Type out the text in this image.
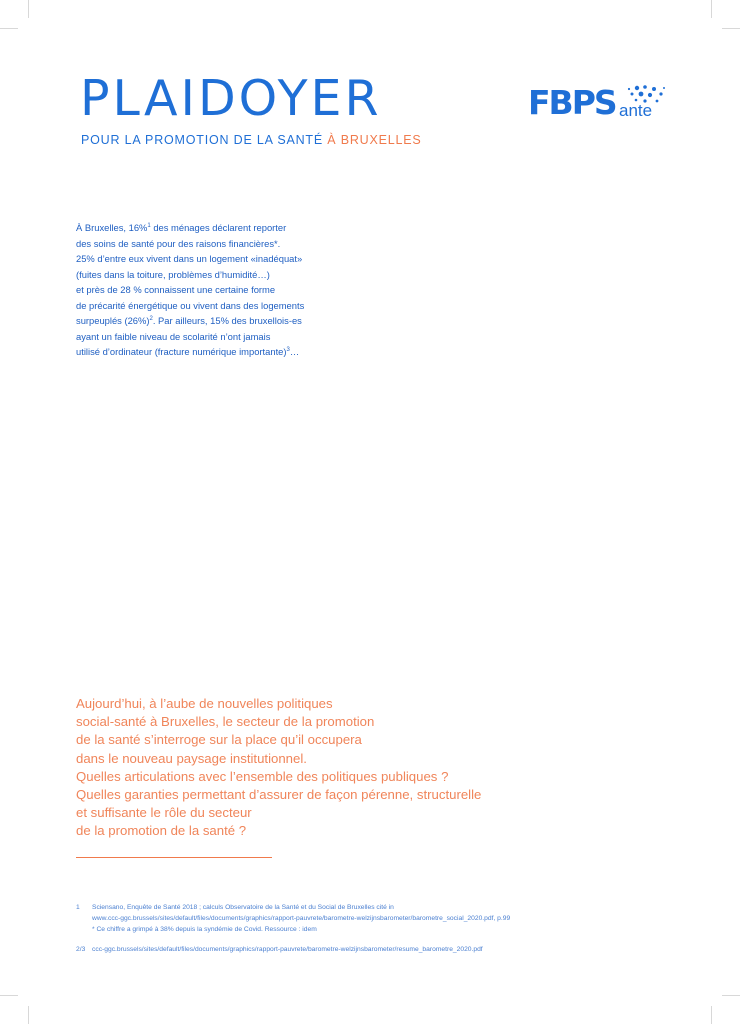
PLAIDOYER
POUR LA PROMOTION DE LA SANTÉ À BRUXELLES
FBPS ante

À Bruxelles, 16%$^1$ des ménages déclarent reporter

des soins de santé pour des raisons financières*.

25% d’entre eux vivent dans un logement «inadéquat»

(fuites dans la toiture, problèmes d’humidité…)

et près de 28 % connaissent une certaine forme

de précarité énergétique ou vivent dans des logements

surpeuplés $(26\%)^2$. Par ailleurs, 15% des bruxellois-es

ayant un faible niveau de scolarité n’ont jamais

utilisé d’ordinateur (fracture numérique importante)$^3$…

Aujourd’hui, à l’aube de nouvelles politiques

social-santé à Bruxelles, le secteur de la promotion

de la santé s’interroge sur la place qu’il occupera

dans le nouveau paysage institutionnel.

Quelles articulations avec l’ensemble des politiques publiques ?

Quelles garanties permettant d’assurer de façon pérenne, structurelle

et suffisante le rôle du secteur

de la promotion de la santé ?

1	Sciensano, Enquête de Santé 2018 ; calculs Observatoire de la Santé et du Social de Bruxelles cité in
www.ccc-ggc.brussels/sites/default/files/documents/graphics/rapport-pauvrete/barometre-welzijnsbarometer/barometre_social_2020.pdf, p.99
* Ce chiffre a grimpé à 38% depuis la syndémie de Covid. Ressource : idem
2/3	ccc-ggc.brussels/sites/default/files/documents/graphics/rapport-pauvrete/barometre-welzijnsbarometer/resume_barometre_2020.pdf
